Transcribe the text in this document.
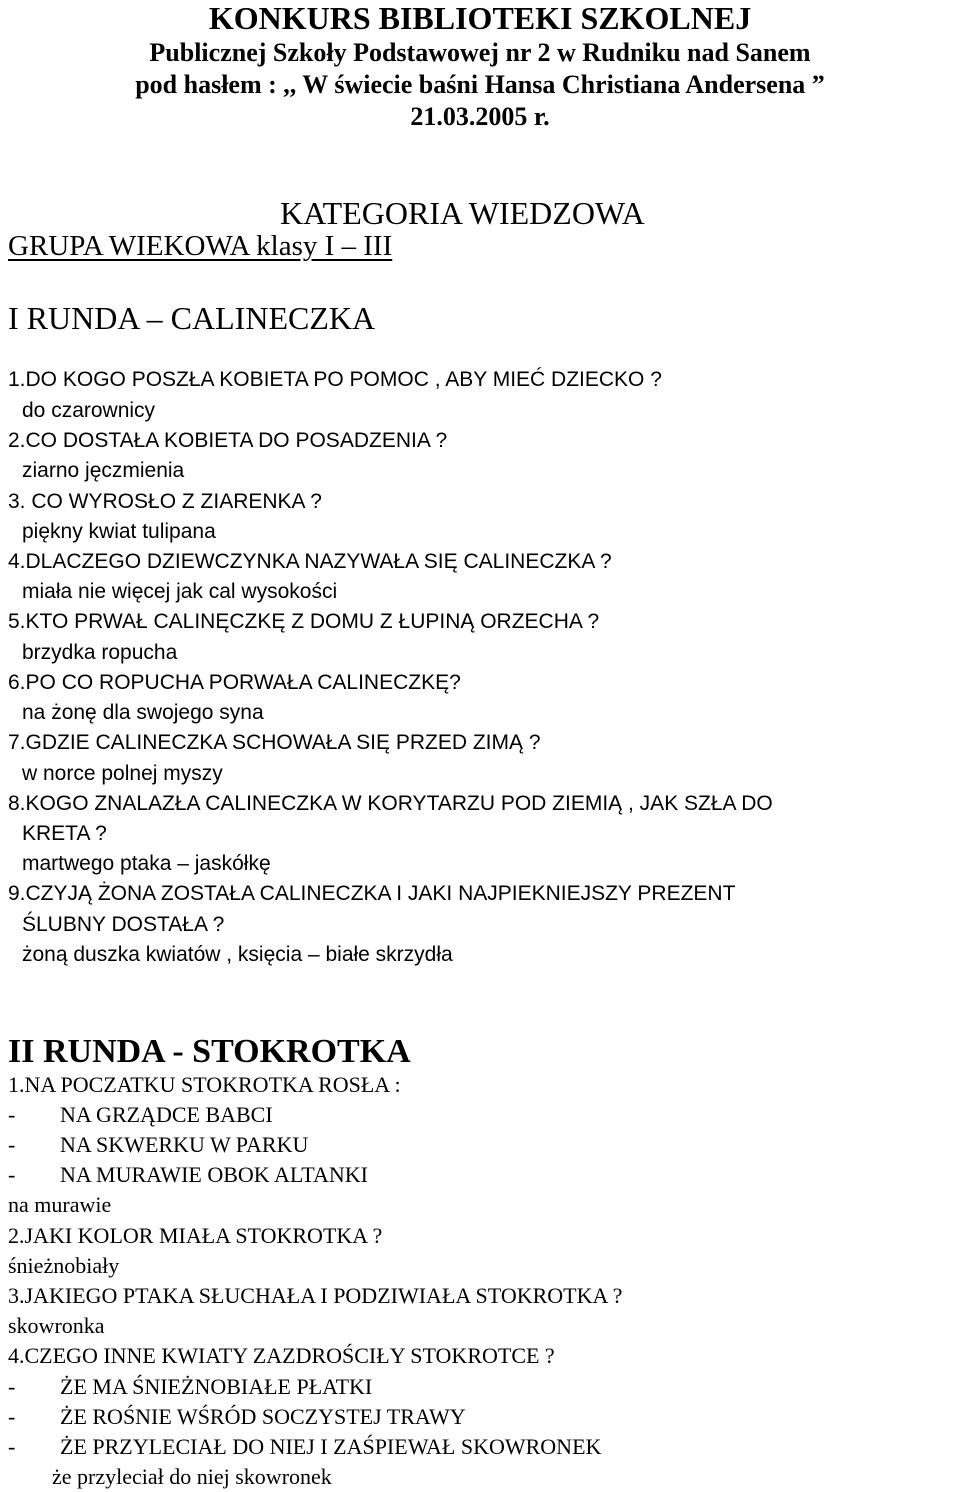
KONKURS BIBLIOTEKI SZKOLNEJ
Publicznej Szkoły Podstawowej nr 2 w Rudniku nad Sanem
pod hasłem : ,, W świecie baśni Hansa Christiana Andersena ”
21.03.2005 r.
KATEGORIA WIEDZOWA
GRUPA WIEKOWA klasy I – III
I RUNDA – CALINECZKA
1.DO KOGO POSZŁA KOBIETA PO POMOC , ABY MIEĆ DZIECKO ?
do czarownicy
2.CO DOSTAŁA KOBIETA DO POSADZENIA ?
ziarno jęczmienia
3. CO WYROSŁO Z ZIARENKA ?
piękny kwiat tulipana
4.DLACZEGO DZIEWCZYNKA NAZYWAŁA SIĘ CALINECZKA ?
miała nie więcej jak cal wysokości
5.KTO PRWAŁ CALINĘCZKĘ Z DOMU Z ŁUPINĄ ORZECHA ?
brzydka ropucha
6.PO CO ROPUCHA PORWAŁA CALINECZKĘ?
na żonę dla swojego syna
7.GDZIE CALINECZKA SCHOWAŁA SIĘ PRZED ZIMĄ ?
w norce polnej myszy
8.KOGO ZNALAZŁA CALINECZKA W KORYTARZU POD ZIEMIĄ , JAK SZŁA DO
KRETA ?
martwego ptaka – jaskółkę
9.CZYJĄ ŻONA ZOSTAŁA CALINECZKA I JAKI NAJPIEKNIEJSZY PREZENT
ŚLUBNY DOSTAŁA ?
żoną duszka kwiatów , księcia – białe skrzydła
II RUNDA - STOKROTKA
1.NA POCZATKU STOKROTKA ROSŁA :
- NA GRZĄDCE BABCI
- NA SKWERKU W PARKU
- NA MURAWIE OBOK ALTANKI
na murawie
2.JAKI KOLOR MIAŁA STOKROTKA ?
śnieżnobiały
3.JAKIEGO PTAKA SŁUCHAŁA I PODZIWIAŁA STOKROTKA ?
skowronka
4.CZEGO INNE KWIATY ZAZDROŚCIŁY STOKROTCE ?
- ŻE MA ŚNIEŻNOBIAŁE PŁATKI
- ŻE ROŚNIE WŚRÓD SOCZYSTEJ TRAWY
- ŻE PRZYLECIAŁ DO NIEJ I ZAŚPIEWAŁ SKOWRONEK
że przyleciał do niej skowronek
